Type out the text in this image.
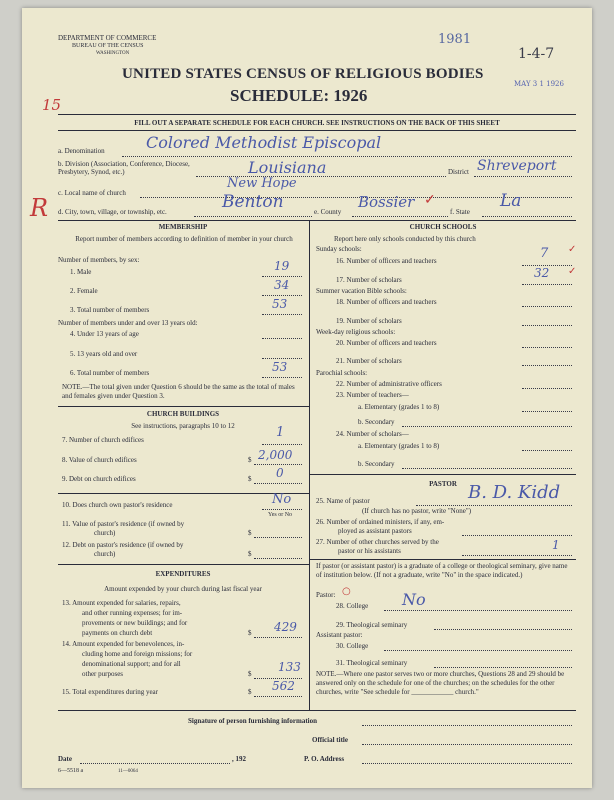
DEPARTMENT OF COMMERCE
BUREAU OF THE CENSUS
WASHINGTON
UNITED STATES CENSUS OF RELIGIOUS BODIES
SCHEDULE: 1926
1981
1-4-7
MAY 3 1 1926
15
R
FILL OUT A SEPARATE SCHEDULE FOR EACH CHURCH. SEE INSTRUCTIONS ON THE BACK OF THIS SHEET
a. Denomination	Colored Methodist Episcopal
b. Division (Association, Conference, Diocese, Presbytery, Synod, etc.)	Louisiana	District Shreveport
c. Local name of church
New Hope
d. City, town, village, or township, etc.	Benton	e. County
Bossier ✓
f. State
La
MEMBERSHIP
Report number of members according to definition of member in your church
Number of members, by sex:
1. Male	19
2. Female	34
3. Total number of members	53
Number of members under and over 13 years old:
4. Under 13 years of age
5. 13 years old and over
6. Total number of members	53
NOTE.—The total given under Question 6 should be the same as the total of males and females given under Question 3.
CHURCH BUILDINGS
See instructions, paragraphs 10 to 12
7. Number of church edifices	1
8. Value of church edifices	$ 2,000
9. Debt on church edifices	$ 0
10. Does church own pastor's residence	No
Yes or No
11. Value of pastor's residence (if owned by
church)	$
12. Debt on pastor's residence (if owned by
church)	$
EXPENDITURES
Amount expended by your church during last fiscal year
13. Amount expended for salaries, repairs,
and other running expenses; for im-
provements or new buildings; and for
payments on church debt	$ 429
14. Amount expended for benevolences, in-
cluding home and foreign missions; for
denominational support; and for all
other purposes	$ 133
15. Total expenditures during year	$ 562
CHURCH SCHOOLS
Report here only schools conducted by this church
Sunday schools:
16. Number of officers and teachers	7 ✓
17. Number of scholars	32 ✓
Summer vacation Bible schools:
18. Number of officers and teachers
19. Number of scholars
Week-day religious schools:
20. Number of officers and teachers
21. Number of scholars
Parochial schools:
22. Number of administrative officers
23. Number of teachers—
a. Elementary (grades 1 to 8)
b. Secondary
24. Number of scholars—
a. Elementary (grades 1 to 8)
b. Secondary
PASTOR
25. Name of pastor	B. D. Kidd
(If church has no pastor, write "None")
26. Number of ordained ministers, if any, em-
ployed as assistant pastors
27. Number of other churches served by the
pastor or his assistants	1
If pastor (or assistant pastor) is a graduate of a college or theological seminary, give name of institution below. (If not a graduate, write "No" in the space indicated.)
Pastor: ○
28. College No
29. Theological seminary
Assistant pastor:
30. College
31. Theological seminary
NOTE.—Where one pastor serves two or more churches, Questions 28 and 29 should be answered only on the schedule for one of the churches; on the schedules for the other churches, write "See schedule for ____________ church."
Signature of person furnishing information
Official title
Date	, 192	P. O. Address
6—5518 a	11—0064
